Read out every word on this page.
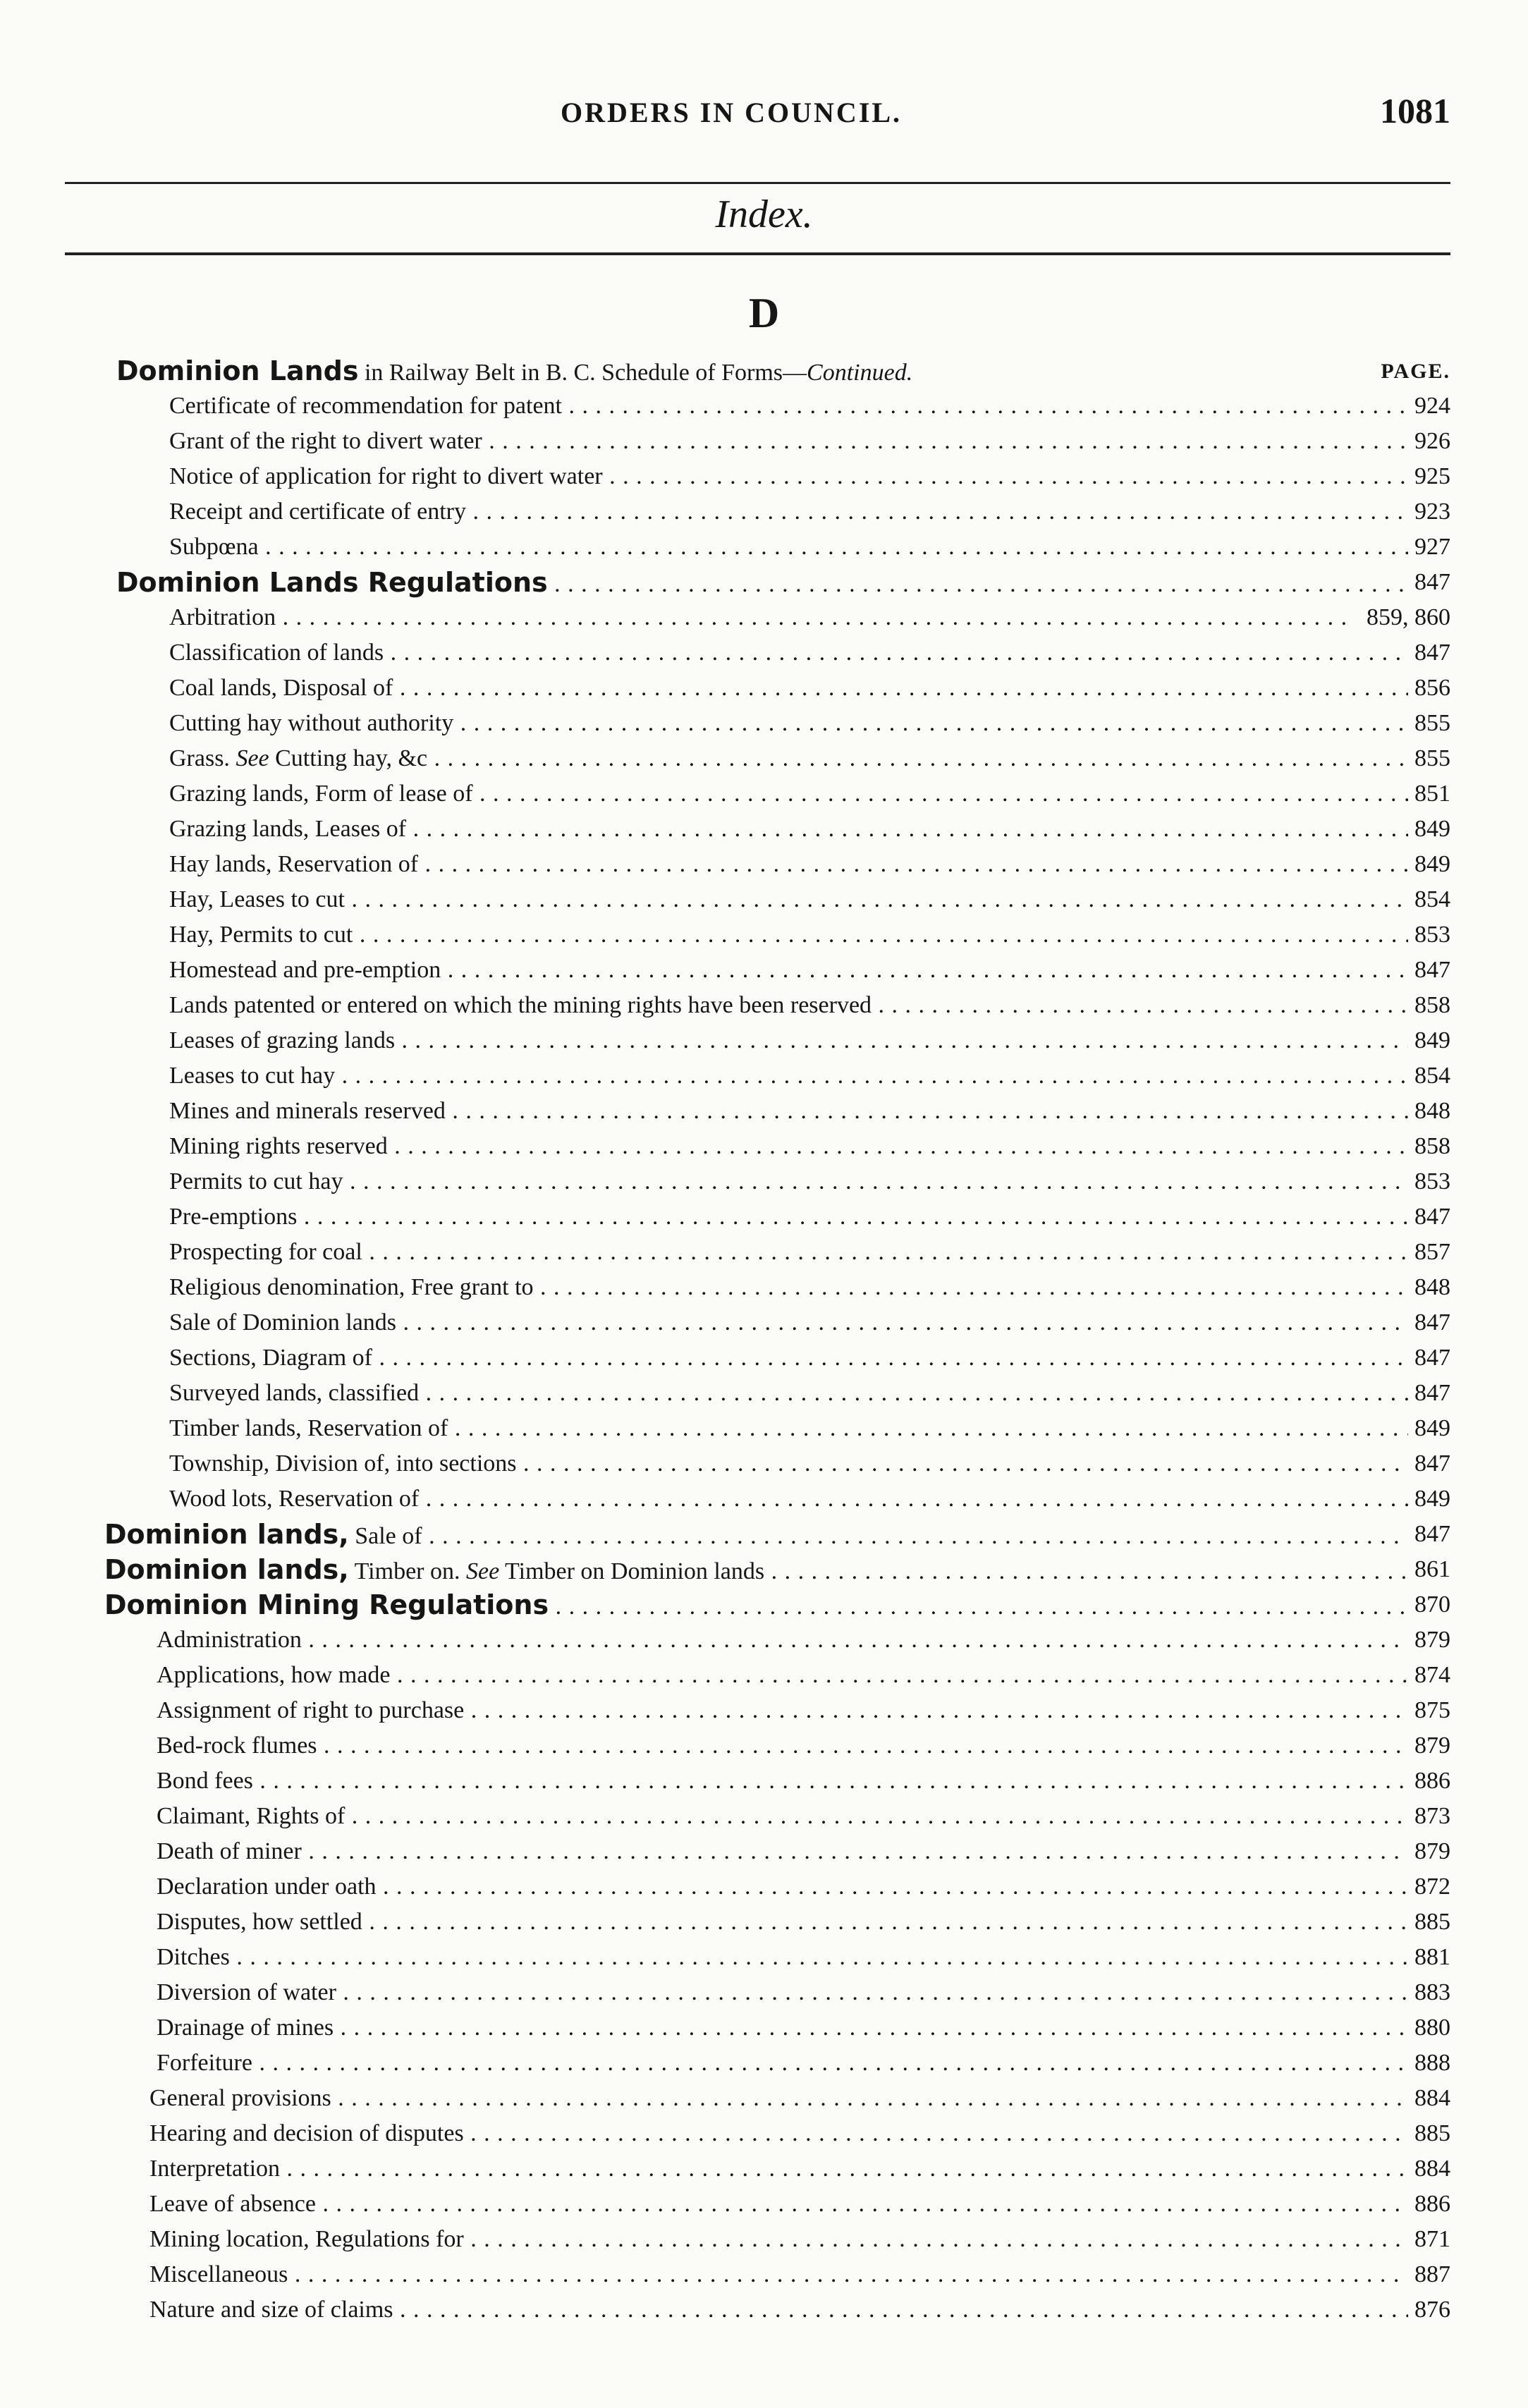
ORDERS IN COUNCIL.	1081
Index.
D
PAGE.
Dominion Lands in Railway Belt in B. C. Schedule of Forms—Continued.
Certificate of recommendation for patent . . .	924
Grant of the right to divert water . . .	926
Notice of application for right to divert water . . .	925
Receipt and certificate of entry . . .	923
Subpœna . . .	927
Dominion Lands Regulations . . .	847
Arbitration . . .	859, 860
Classification of lands . . .	847
Coal lands, Disposal of . . .	856
Cutting hay without authority . . .	855
Grass. See Cutting hay, &c . . .	855
Grazing lands, Form of lease of . . .	851
Grazing lands, Leases of . . .	849
Hay lands, Reservation of . . .	849
Hay, Leases to cut . . .	854
Hay, Permits to cut . . .	853
Homestead and pre-emption . . .	847
Lands patented or entered on which the mining rights have been reserved . . .	858
Leases of grazing lands . . .	849
Leases to cut hay . . .	854
Mines and minerals reserved . . .	848
Mining rights reserved . . .	858
Permits to cut hay . . .	853
Pre-emptions . . .	847
Prospecting for coal . . .	857
Religious denomination, Free grant to . . .	848
Sale of Dominion lands . . .	847
Sections, Diagram of . . .	847
Surveyed lands, classified . . .	847
Timber lands, Reservation of . . .	849
Township, Division of, into sections . . .	847
Wood lots, Reservation of . . .	849
Dominion lands, Sale of . . .	847
Dominion lands, Timber on. See Timber on Dominion lands . . .	861
Dominion Mining Regulations . . .	870
Administration . . .	879
Applications, how made . . .	874
Assignment of right to purchase . . .	875
Bed-rock flumes . . .	879
Bond fees . . .	886
Claimant, Rights of . . .	873
Death of miner . . .	879
Declaration under oath . . .	872
Disputes, how settled . . .	885
Ditches . . .	881
Diversion of water . . .	883
Drainage of mines . . .	880
Forfeiture . . .	888
General provisions . . .	884
Hearing and decision of disputes . . .	885
Interpretation . . .	884
Leave of absence . . .	886
Mining location, Regulations for . . .	871
Miscellaneous . . .	887
Nature and size of claims . . .	876
